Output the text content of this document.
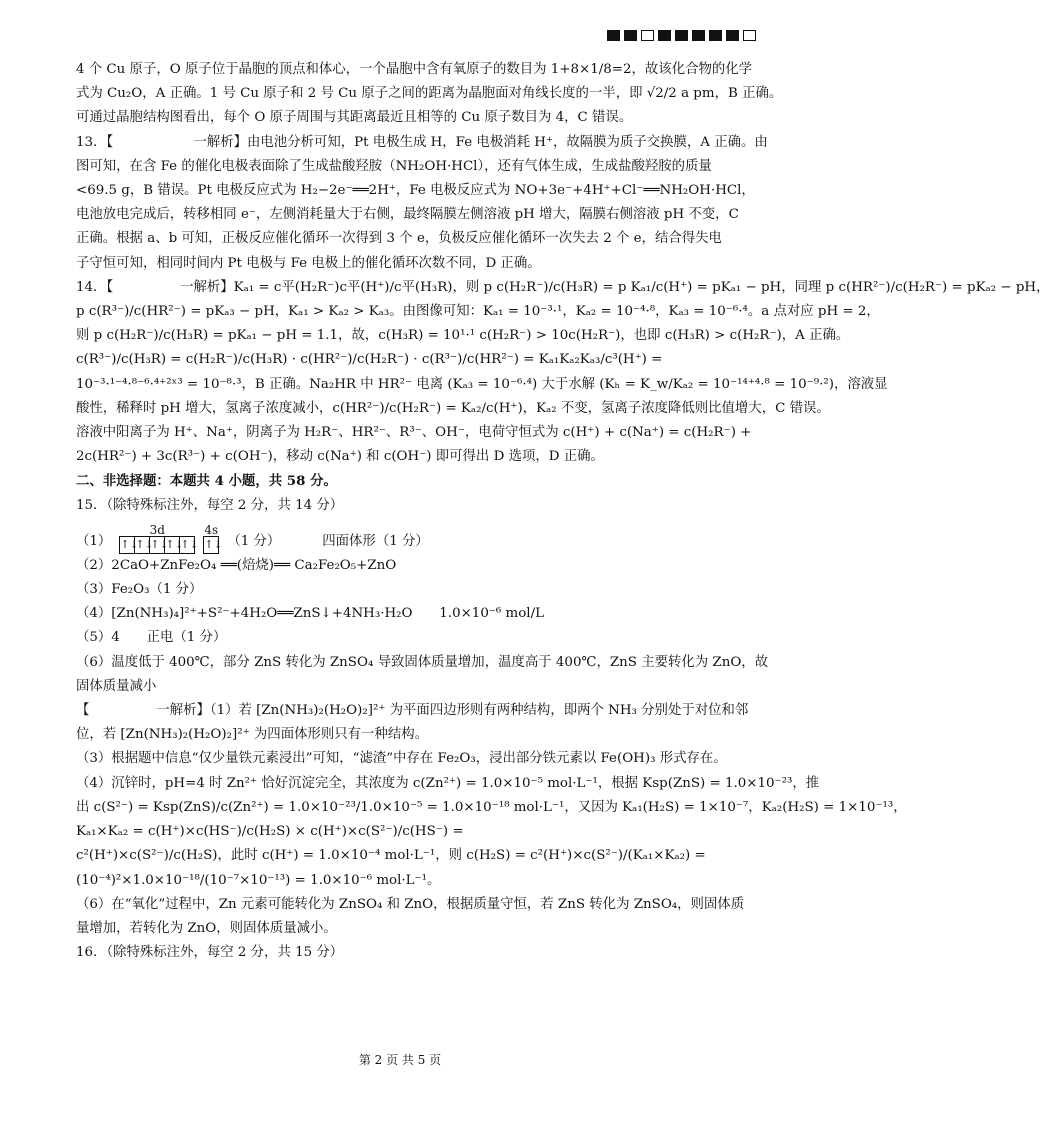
4 个 Cu 原子，O 原子位于晶胞的顶点和体心，一个晶胞中含有氧原子的数目为 1+8×1/8=2，故该化合物的化学
式为 Cu₂O，A 正确。1 号 Cu 原子和 2 号 Cu 原子之间的距离为晶胞面对角线长度的一半，即 √2/2 a pm，B 正确。
可通过晶胞结构图看出，每个 O 原子周围与其距离最近且相等的 Cu 原子数目为 4，C 错误。
13．【　　　　　　一解析】由电池分析可知，Pt 电极生成 H，Fe 电极消耗 H⁺，故隔膜为质子交换膜，A 正确。由
图可知，在含 Fe 的催化电极表面除了生成盐酸羟胺（NH₂OH·HCl），还有气体生成，生成盐酸羟胺的质量
<69.5 g，B 错误。Pt 电极反应式为 H₂−2e⁻══2H⁺，Fe 电极反应式为 NO+3e⁻+4H⁺+Cl⁻══NH₂OH·HCl，
电池放电完成后，转移相同 e⁻，左侧消耗量大于右侧，最终隔膜左侧溶液 pH 增大，隔膜右侧溶液 pH 不变，C
正确。根据 a、b 可知，正极反应催化循环一次得到 3 个 e，负极反应催化循环一次失去 2 个 e，结合得失电
子守恒可知，相同时间内 Pt 电极与 Fe 电极上的催化循环次数不同，D 正确。
14．【　　　　　一解析】Kₐ₁ = c平(H₂R⁻)c平(H⁺)/c平(H₃R)，则 p c(H₂R⁻)/c(H₃R) = p Kₐ₁/c(H⁺) = pKₐ₁ − pH，同理 p c(HR²⁻)/c(H₂R⁻) = pKₐ₂ − pH，
p c(R³⁻)/c(HR²⁻) = pKₐ₃ − pH，Kₐ₁ > Kₐ₂ > Kₐ₃。由图像可知：Kₐ₁ = 10⁻³·¹，Kₐ₂ = 10⁻⁴·⁸，Kₐ₃ = 10⁻⁶·⁴。a 点对应 pH = 2，
则 p c(H₂R⁻)/c(H₃R) = pKₐ₁ − pH = 1.1，故，c(H₃R) = 10¹·¹ c(H₂R⁻) > 10c(H₂R⁻)，也即 c(H₃R) > c(H₂R⁻)，A 正确。
c(R³⁻)/c(H₃R) = c(H₂R⁻)/c(H₃R) · c(HR²⁻)/c(H₂R⁻) · c(R³⁻)/c(HR²⁻) = Kₐ₁Kₐ₂Kₐ₃/c³(H⁺) =
10⁻³·¹⁻⁴·⁸⁻⁶·⁴⁺²ˣ³ = 10⁻⁸·³，B 正确。Na₂HR 中 HR²⁻ 电离 (Kₐ₃ = 10⁻⁶·⁴) 大于水解 (Kₕ = K_w/Kₐ₂ = 10⁻¹⁴⁺⁴·⁸ = 10⁻⁹·²)，溶液显
酸性，稀释时 pH 增大，氢离子浓度减小，c(HR²⁻)/c(H₂R⁻) = Kₐ₂/c(H⁺)，Kₐ₂ 不变，氢离子浓度降低则比值增大，C 错误。
溶液中阳离子为 H⁺、Na⁺，阴离子为 H₂R⁻、HR²⁻、R³⁻、OH⁻，电荷守恒式为 c(H⁺) + c(Na⁺) = c(H₂R⁻) +
2c(HR²⁻) + 3c(R³⁻) + c(OH⁻)，移动 c(Na⁺) 和 c(OH⁻) 即可得出 D 选项，D 正确。
二、非选择题：本题共 4 小题，共 58 分。
15．（除特殊标注外，每空 2 分，共 14 分）
（1）
3d
↑↓
↑↓
↑↓
↑↓
↑↓
4s
↑↓ （1 分）	四面体形（1 分）
（2）2CaO+ZnFe₂O₄ ══(焙烧)══ Ca₂Fe₂O₅+ZnO
（3）Fe₂O₃（1 分）
（4）[Zn(NH₃)₄]²⁺+S²⁻+4H₂O══ZnS↓+4NH₃·H₂O　　1.0×10⁻⁶ mol/L
（5）4　　正电（1 分）
（6）温度低于 400℃，部分 ZnS 转化为 ZnSO₄ 导致固体质量增加，温度高于 400℃，ZnS 主要转化为 ZnO，故
固体质量减小
【　　　　　一解析】（1）若 [Zn(NH₃)₂(H₂O)₂]²⁺ 为平面四边形则有两种结构，即两个 NH₃ 分别处于对位和邻
位，若 [Zn(NH₃)₂(H₂O)₂]²⁺ 为四面体形则只有一种结构。
（3）根据题中信息“仅少量铁元素浸出”可知，“滤渣”中存在 Fe₂O₃，浸出部分铁元素以 Fe(OH)₃ 形式存在。
（4）沉锌时，pH=4 时 Zn²⁺ 恰好沉淀完全，其浓度为 c(Zn²⁺) = 1.0×10⁻⁵ mol·L⁻¹，根据 Ksp(ZnS) = 1.0×10⁻²³，推
出 c(S²⁻) = Ksp(ZnS)/c(Zn²⁺) = 1.0×10⁻²³/1.0×10⁻⁵ = 1.0×10⁻¹⁸ mol·L⁻¹，又因为 Kₐ₁(H₂S) = 1×10⁻⁷，Kₐ₂(H₂S) = 1×10⁻¹³，
Kₐ₁×Kₐ₂ = c(H⁺)×c(HS⁻)/c(H₂S) × c(H⁺)×c(S²⁻)/c(HS⁻) =
c²(H⁺)×c(S²⁻)/c(H₂S)，此时 c(H⁺) = 1.0×10⁻⁴ mol·L⁻¹，则 c(H₂S) = c²(H⁺)×c(S²⁻)/(Kₐ₁×Kₐ₂) =
(10⁻⁴)²×1.0×10⁻¹⁸/(10⁻⁷×10⁻¹³) = 1.0×10⁻⁶ mol·L⁻¹。
（6）在“氧化”过程中，Zn 元素可能转化为 ZnSO₄ 和 ZnO，根据质量守恒，若 ZnS 转化为 ZnSO₄，则固体质
量增加，若转化为 ZnO，则固体质量减小。
16．（除特殊标注外，每空 2 分，共 15 分）
第 2 页 共 5 页
